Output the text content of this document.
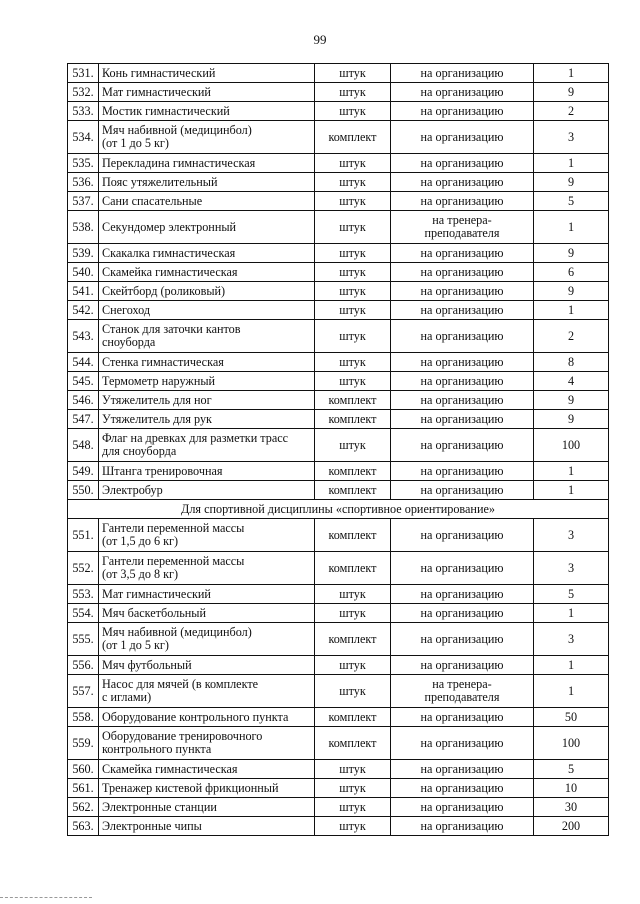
99
531.	Конь гимнастический	штук	на организацию	1
532.	Мат гимнастический	штук	на организацию	9
533.	Мостик гимнастический	штук	на организацию	2
534.	Мяч набивной (медицинбол)
(от 1 до 5 кг)	комплект	на организацию	3
535.	Перекладина гимнастическая	штук	на организацию	1
536.	Пояс утяжелительный	штук	на организацию	9
537.	Сани спасательные	штук	на организацию	5
538.	Секундомер электронный	штук	на тренера-
преподавателя	1
539.	Скакалка гимнастическая	штук	на организацию	9
540.	Скамейка гимнастическая	штук	на организацию	6
541.	Скейтборд (роликовый)	штук	на организацию	9
542.	Снегоход	штук	на организацию	1
543.	Станок для заточки кантов
сноуборда	штук	на организацию	2
544.	Стенка гимнастическая	штук	на организацию	8
545.	Термометр наружный	штук	на организацию	4
546.	Утяжелитель для ног	комплект	на организацию	9
547.	Утяжелитель для рук	комплект	на организацию	9
548.	Флаг на древках для разметки трасс
для сноуборда	штук	на организацию	100
549.	Штанга тренировочная	комплект	на организацию	1
550.	Электробур	комплект	на организацию	1
Для спортивной дисциплины «спортивное ориентирование»				
551.	Гантели переменной массы
(от 1,5 до 6 кг)	комплект	на организацию	3
552.	Гантели переменной массы
(от 3,5 до 8 кг)	комплект	на организацию	3
553.	Мат гимнастический	штук	на организацию	5
554.	Мяч баскетбольный	штук	на организацию	1
555.	Мяч набивной (медицинбол)
(от 1 до 5 кг)	комплект	на организацию	3
556.	Мяч футбольный	штук	на организацию	1
557.	Насос для мячей (в комплекте
с иглами)	штук	на тренера-
преподавателя	1
558.	Оборудование контрольного пункта	комплект	на организацию	50
559.	Оборудование тренировочного
контрольного пункта	комплект	на организацию	100
560.	Скамейка гимнастическая	штук	на организацию	5
561.	Тренажер кистевой фрикционный	штук	на организацию	10
562.	Электронные станции	штук	на организацию	30
563.	Электронные чипы	штук	на организацию	200
